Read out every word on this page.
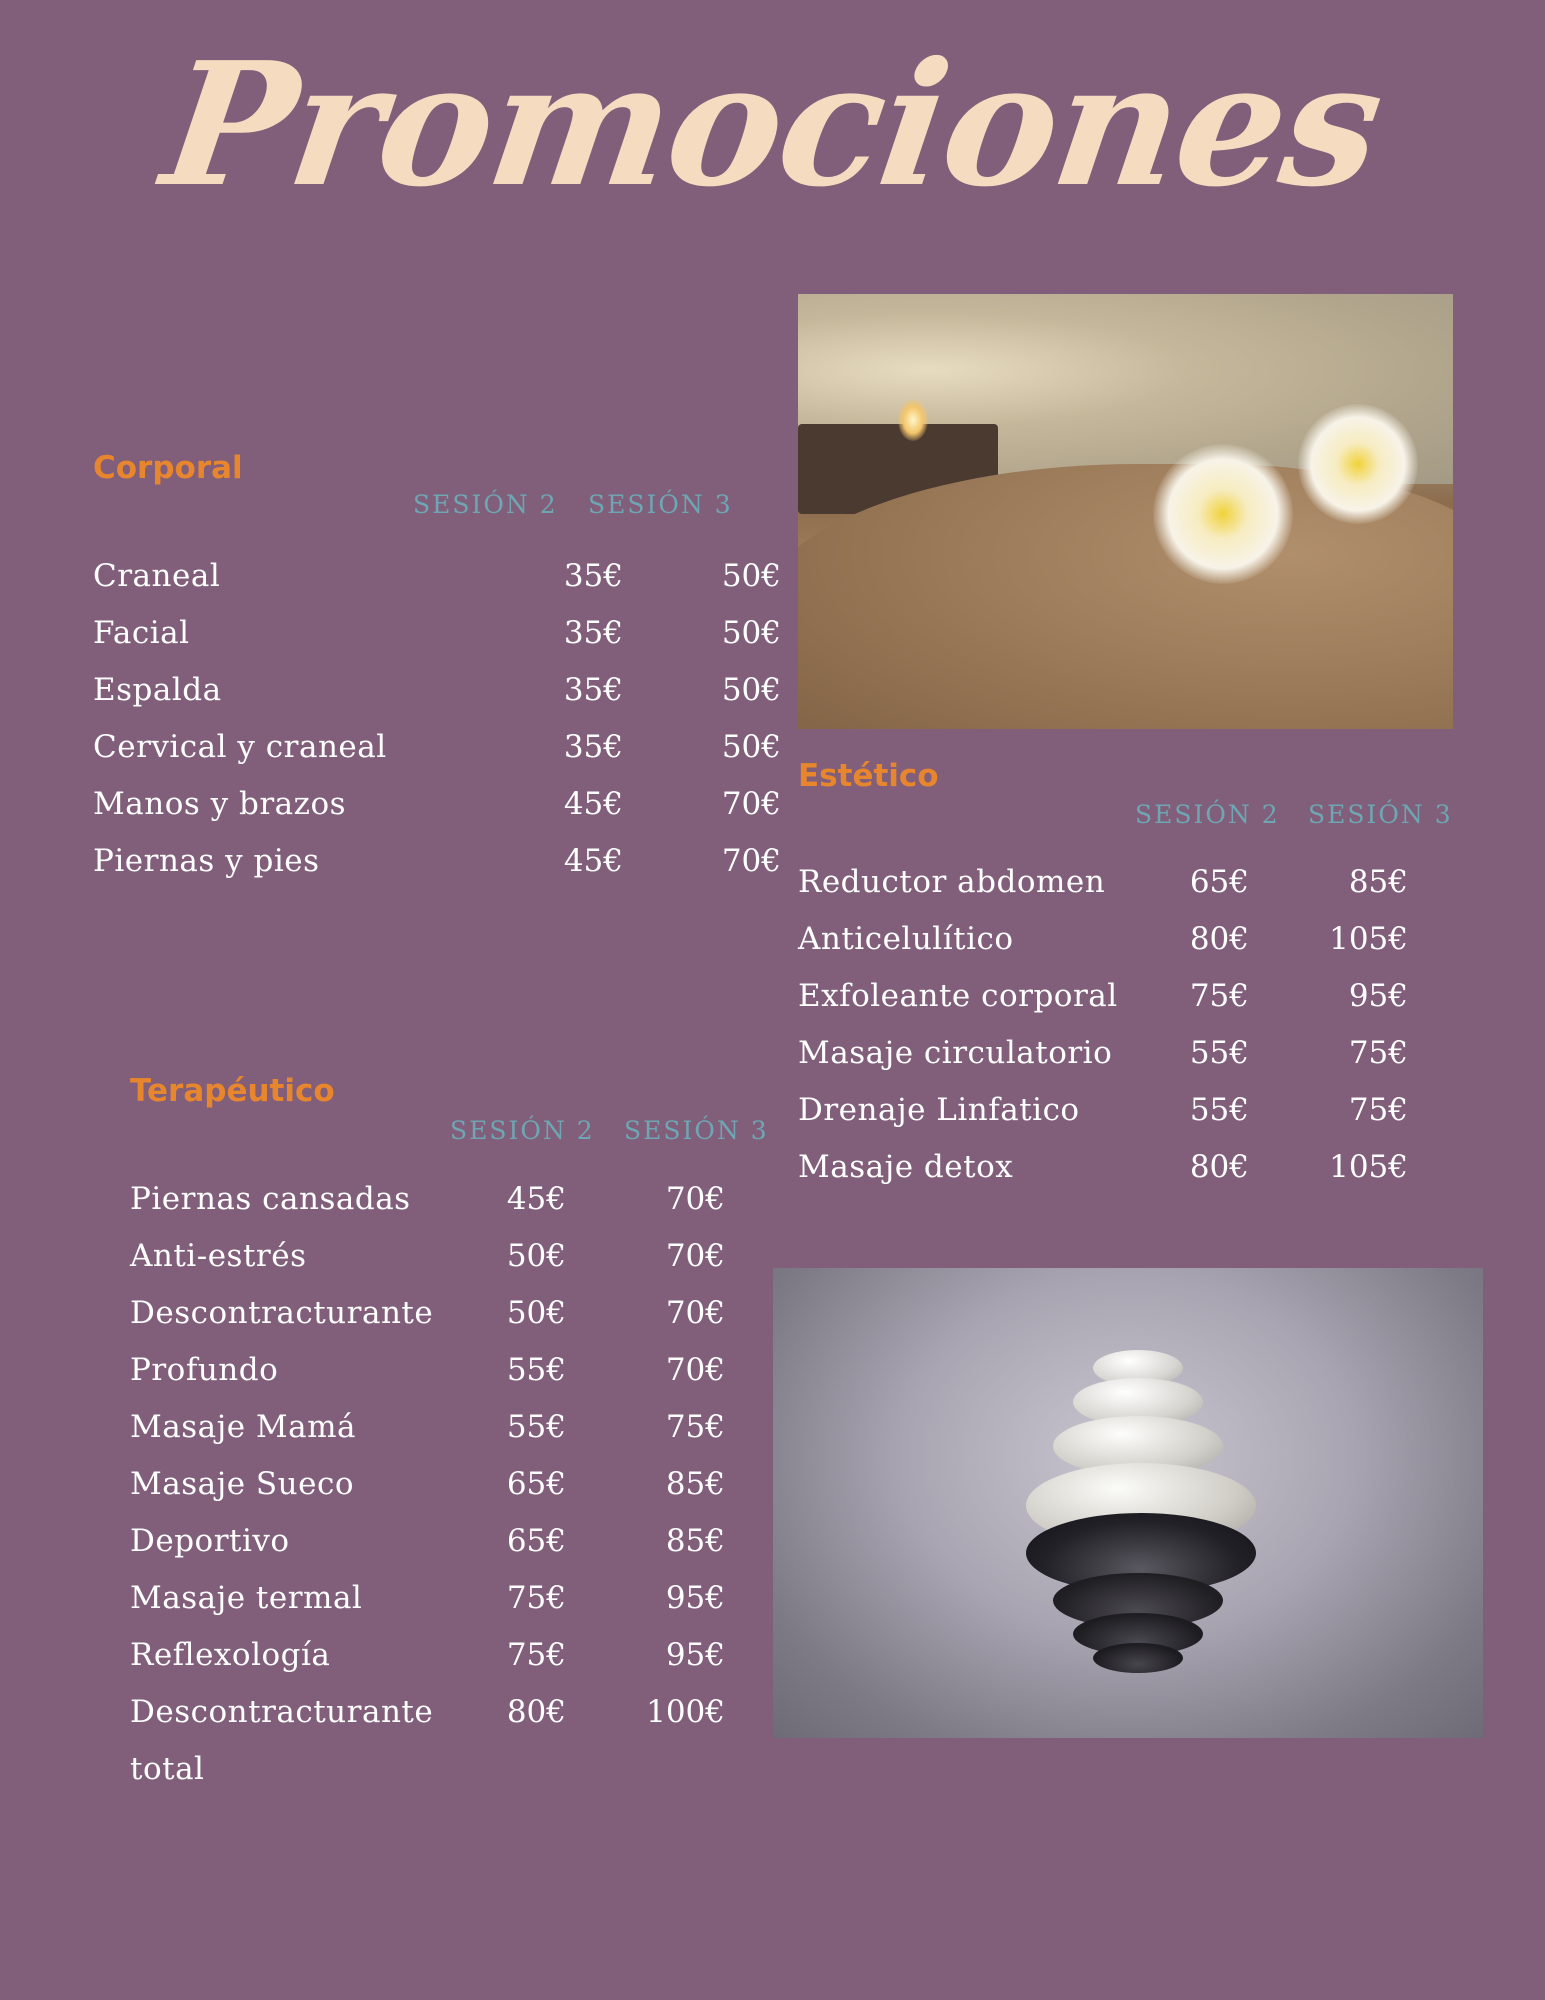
Promociones
Corporal
SESIÓN 2 SESIÓN 3
Craneal	35€	50€
Facial	35€	50€
Espalda	35€	50€
Cervical y craneal	35€	50€
Manos y brazos	45€	70€
Piernas y pies	45€	70€
Estético
SESIÓN 2 SESIÓN 3
Reductor abdomen	65€	85€
Anticelulítico	80€	105€
Exfoleante corporal 75€	95€
Masaje circulatorio	55€	75€
Drenaje Linfatico	55€	75€
Masaje detox	80€	105€
Terapéutico
SESIÓN 2 SESIÓN 3
Piernas cansadas	45€	70€
Anti-estrés	50€	70€
Descontracturante 50€	70€
Profundo	55€	70€
Masaje Mamá	55€	75€
Masaje Sueco	65€	85€
Deportivo	65€	85€
Masaje termal	75€	95€
Reflexología	75€	95€
Descontracturante 80€	100€
total
